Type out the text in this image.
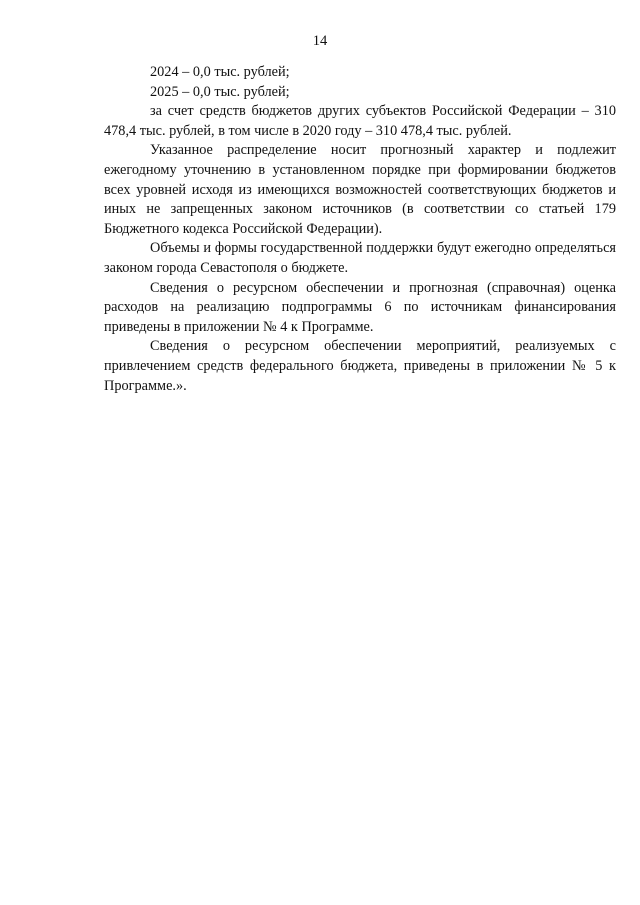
14

2024 – 0,0 тыс. рублей;

2025 – 0,0 тыс. рублей;

за счет средств бюджетов других субъектов Российской Федерации – 310 478,4 тыс. рублей, в том числе в 2020 году – 310 478,4 тыс. рублей.

Указанное распределение носит прогнозный характер и подлежит ежегодному уточнению в установленном порядке при формировании бюджетов всех уровней исходя из имеющихся возможностей соответствующих бюджетов и иных не запрещенных законом источников (в соответствии со статьей 179 Бюджетного кодекса Российской Федерации).

Объемы и формы государственной поддержки будут ежегодно определяться законом города Севастополя о бюджете.

Сведения о ресурсном обеспечении и прогнозная (справочная) оценка расходов на реализацию подпрограммы 6 по источникам финансирования приведены в приложении № 4 к Программе.

Сведения о ресурсном обеспечении мероприятий, реализуемых с привлечением средств федерального бюджета, приведены в приложении № 5 к Программе.».
